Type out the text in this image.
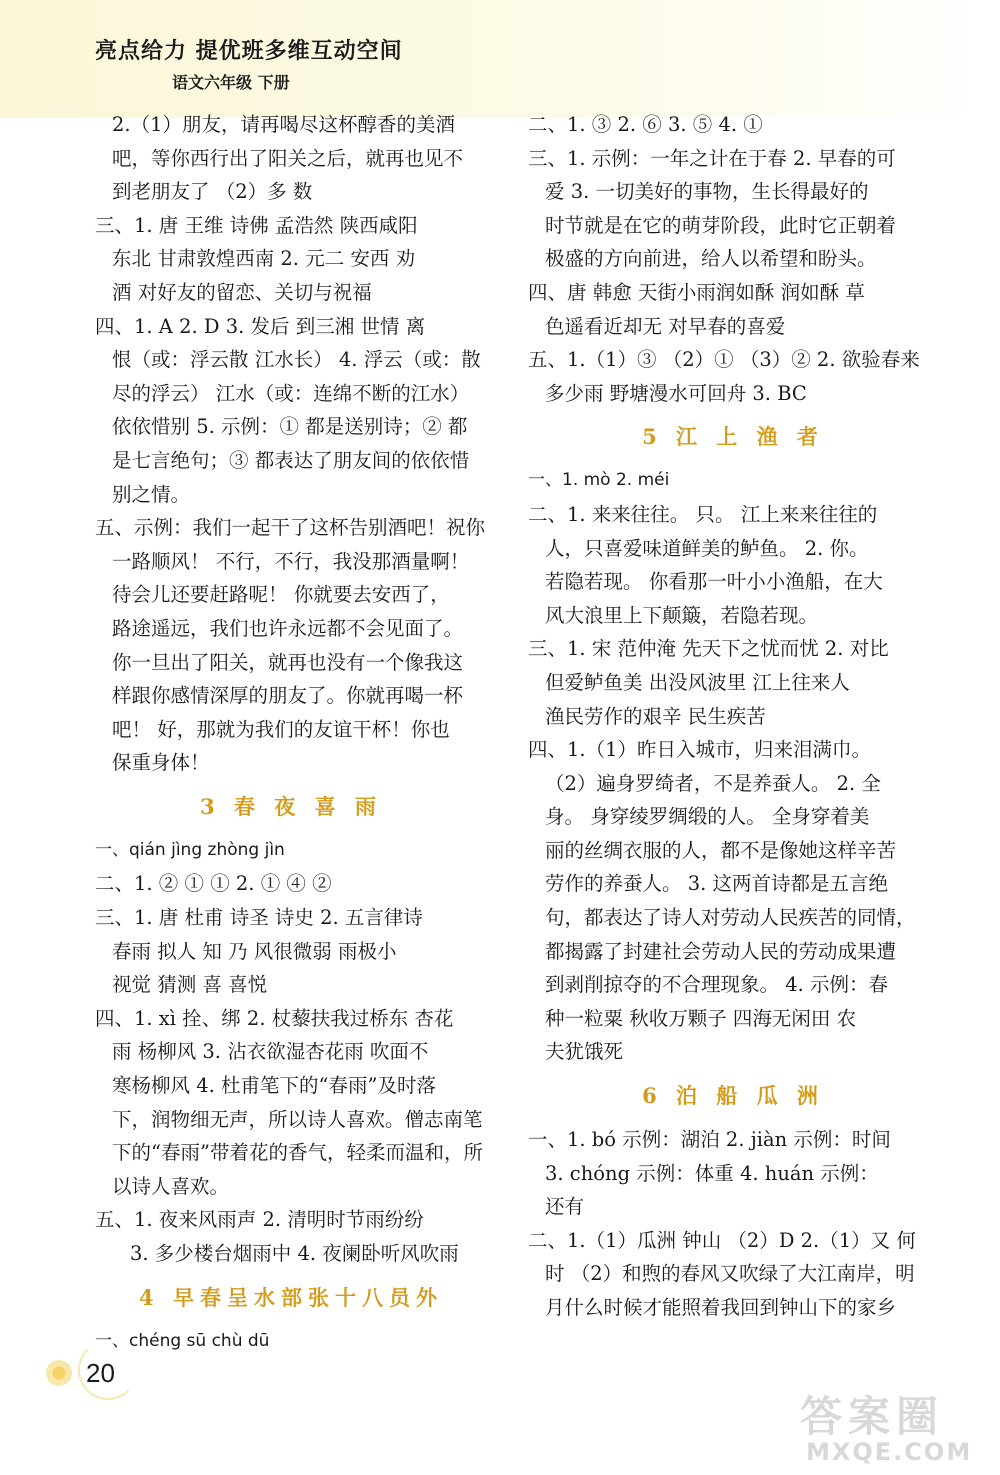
亮点给力 提优班多维互动空间
语文六年级 下册
2.（1）朋友，请再喝尽这杯醇香的美酒
吧，等你西行出了阳关之后，就再也见不
到老朋友了 （2）多 数
三、1. 唐 王维 诗佛 孟浩然 陕西咸阳
东北 甘肃敦煌西南 2. 元二 安西 劝
酒 对好友的留恋、关切与祝福
四、1. A 2. D 3. 发后 到三湘 世情 离
恨（或：浮云散 江水长） 4. 浮云（或：散
尽的浮云） 江水（或：连绵不断的江水）
依依惜别 5. 示例：① 都是送别诗；② 都
是七言绝句；③ 都表达了朋友间的依依惜
别之情。
五、示例：我们一起干了这杯告别酒吧！祝你
一路顺风！ 不行，不行，我没那酒量啊！
待会儿还要赶路呢！ 你就要去安西了，
路途遥远，我们也许永远都不会见面了。
你一旦出了阳关，就再也没有一个像我这
样跟你感情深厚的朋友了。你就再喝一杯
吧！ 好，那就为我们的友谊干杯！你也
保重身体！
3 春 夜 喜 雨
一、qián jìng zhòng jìn
二、1. ② ① ① 2. ① ④ ②
三、1. 唐 杜甫 诗圣 诗史 2. 五言律诗
春雨 拟人 知 乃 风很微弱 雨极小
视觉 猜测 喜 喜悦
四、1. xì 拴、绑 2. 杖藜扶我过桥东 杏花
雨 杨柳风 3. 沾衣欲湿杏花雨 吹面不
寒杨柳风 4. 杜甫笔下的“春雨”及时落
下，润物细无声，所以诗人喜欢。僧志南笔
下的“春雨”带着花的香气，轻柔而温和，所
以诗人喜欢。
五、1. 夜来风雨声 2. 清明时节雨纷纷
3. 多少楼台烟雨中 4. 夜阑卧听风吹雨
4 早春呈水部张十八员外
一、chéng sū chù dū
二、1. ③ 2. ⑥ 3. ⑤ 4. ①
三、1. 示例：一年之计在于春 2. 早春的可
爱 3. 一切美好的事物，生长得最好的
时节就是在它的萌芽阶段，此时它正朝着
极盛的方向前进，给人以希望和盼头。
四、唐 韩愈 天街小雨润如酥 润如酥 草
色遥看近却无 对早春的喜爱
五、1.（1）③ （2）① （3）② 2. 欲验春来
多少雨 野塘漫水可回舟 3. BC
5 江 上 渔 者
一、1. mò 2. méi
二、1. 来来往往。 只。 江上来来往往的
人，只喜爱味道鲜美的鲈鱼。 2. 你。
若隐若现。 你看那一叶小小渔船，在大
风大浪里上下颠簸，若隐若现。
三、1. 宋 范仲淹 先天下之忧而忧 2. 对比
但爱鲈鱼美 出没风波里 江上往来人
渔民劳作的艰辛 民生疾苦
四、1.（1）昨日入城市，归来泪满巾。
（2）遍身罗绮者，不是养蚕人。 2. 全
身。 身穿绫罗绸缎的人。 全身穿着美
丽的丝绸衣服的人，都不是像她这样辛苦
劳作的养蚕人。 3. 这两首诗都是五言绝
句，都表达了诗人对劳动人民疾苦的同情，
都揭露了封建社会劳动人民的劳动成果遭
到剥削掠夺的不合理现象。 4. 示例：春
种一粒粟 秋收万颗子 四海无闲田 农
夫犹饿死
6 泊 船 瓜 洲
一、1. bó 示例：湖泊 2. jiàn 示例：时间
3. chóng 示例：体重 4. huán 示例：
还有
二、1.（1）瓜洲 钟山 （2）D 2.（1）又 何
时 （2）和煦的春风又吹绿了大江南岸，明
月什么时候才能照着我回到钟山下的家乡
20
答案圈
MXQE.COM
